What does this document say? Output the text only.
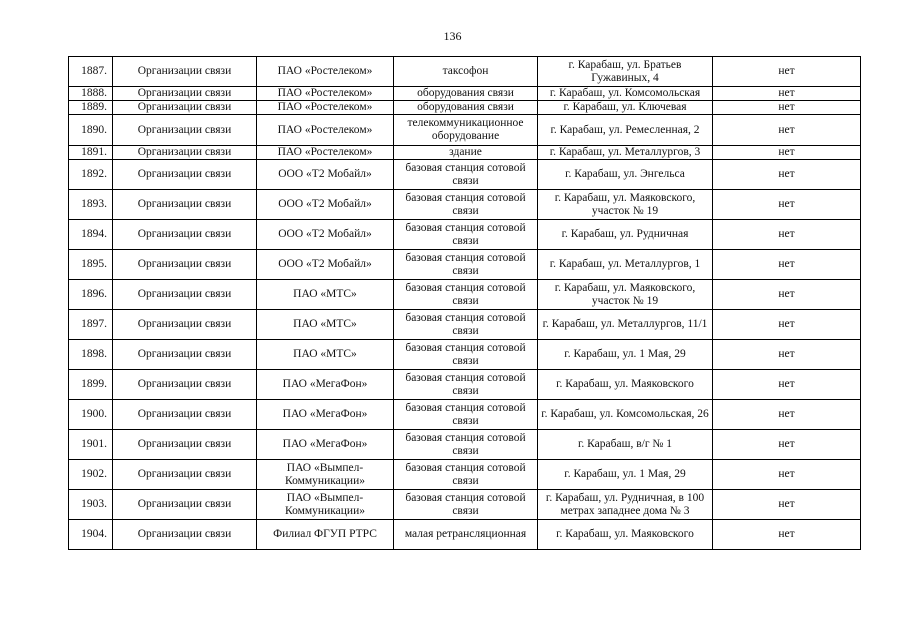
136
1887.	Организации связи	ПАО «Ростелеком»	таксофон	г. Карабаш, ул. Братьев Гужавиных, 4	нет
1888.	Организации связи	ПАО «Ростелеком»	оборудования связи	г. Карабаш, ул. Комсомольская	нет
1889.	Организации связи	ПАО «Ростелеком»	оборудования связи	г. Карабаш, ул. Ключевая	нет
1890.	Организации связи	ПАО «Ростелеком»	телекоммуникационное оборудование	г. Карабаш, ул. Ремесленная, 2	нет
1891.	Организации связи	ПАО «Ростелеком»	здание	г. Карабаш, ул. Металлургов, 3	нет
1892.	Организации связи	ООО «Т2 Мобайл»	базовая станция сотовой связи	г. Карабаш, ул. Энгельса	нет
1893.	Организации связи	ООО «Т2 Мобайл»	базовая станция сотовой связи	г. Карабаш, ул. Маяковского, участок № 19	нет
1894.	Организации связи	ООО «Т2 Мобайл»	базовая станция сотовой связи	г. Карабаш, ул. Рудничная	нет
1895.	Организации связи	ООО «Т2 Мобайл»	базовая станция сотовой связи	г. Карабаш, ул. Металлургов, 1	нет
1896.	Организации связи	ПАО «МТС»	базовая станция сотовой связи	г. Карабаш, ул. Маяковского, участок № 19	нет
1897.	Организации связи	ПАО «МТС»	базовая станция сотовой связи	г. Карабаш, ул. Металлургов, 11/1	нет
1898.	Организации связи	ПАО «МТС»	базовая станция сотовой связи	г. Карабаш, ул. 1 Мая, 29	нет
1899.	Организации связи	ПАО «МегаФон»	базовая станция сотовой связи	г. Карабаш, ул. Маяковского	нет
1900.	Организации связи	ПАО «МегаФон»	базовая станция сотовой связи	г. Карабаш, ул. Комсомольская, 26	нет
1901.	Организации связи	ПАО «МегаФон»	базовая станция сотовой связи	г. Карабаш, в/г № 1	нет
1902.	Организации связи	ПАО «Вымпел-Коммуникации»	базовая станция сотовой связи	г. Карабаш, ул. 1 Мая, 29	нет
1903.	Организации связи	ПАО «Вымпел-Коммуникации»	базовая станция сотовой связи	г. Карабаш, ул. Рудничная, в 100 метрах западнее дома № 3	нет
1904.	Организации связи	Филиал ФГУП РТРС	малая ретрансляционная	г. Карабаш, ул. Маяковского	нет
